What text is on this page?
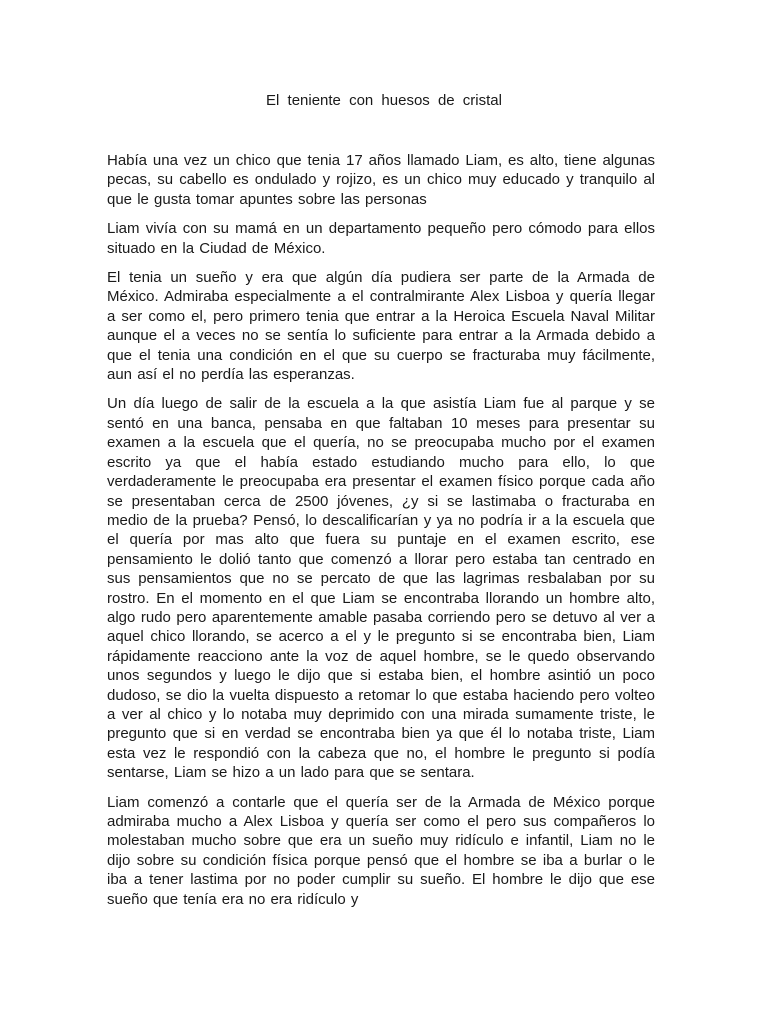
El teniente con huesos de cristal

Había una vez un chico que tenia 17 años llamado Liam, es alto, tiene algunas pecas, su cabello es ondulado y rojizo, es un chico muy educado y tranquilo al que le gusta tomar apuntes sobre las personas

Liam vivía con su mamá en un departamento pequeño pero cómodo para ellos situado en la Ciudad de México.

El tenia un sueño y era que algún día pudiera ser parte de la Armada de México. Admiraba especialmente a el contralmirante Alex Lisboa y quería llegar a ser como el, pero primero tenia que entrar a la Heroica Escuela Naval Militar aunque el a veces no se sentía lo suficiente para entrar a la Armada debido a que el tenia una condición en el que su cuerpo se fracturaba muy fácilmente, aun así el no perdía las esperanzas.

Un día luego de salir de la escuela a la que asistía Liam fue al parque y se sentó en una banca, pensaba en que faltaban 10 meses para presentar su examen a la escuela que el quería, no se preocupaba mucho por el examen escrito ya que el había estado estudiando mucho para ello, lo que verdaderamente le preocupaba era presentar el examen físico porque cada año se presentaban cerca de 2500 jóvenes, ¿y si se lastimaba o fracturaba en medio de la prueba? Pensó, lo descalificarían y ya no podría ir a la escuela que el quería por mas alto que fuera su puntaje en el examen escrito, ese pensamiento le dolió tanto que comenzó a llorar pero estaba tan centrado en sus pensamientos que no se percato de que las lagrimas resbalaban por su rostro. En el momento en el que Liam se encontraba llorando un hombre alto, algo rudo pero aparentemente amable pasaba corriendo pero se detuvo al ver a aquel chico llorando, se acerco a el y le pregunto si se encontraba bien, Liam rápidamente reacciono ante la voz de aquel hombre, se le quedo observando unos segundos y luego le dijo que si estaba bien, el hombre asintió un poco dudoso, se dio la vuelta dispuesto a retomar lo que estaba haciendo pero volteo a ver al chico y lo notaba muy deprimido con una mirada sumamente triste, le pregunto que si en verdad se encontraba bien ya que él lo notaba triste, Liam esta vez le respondió con la cabeza que no, el hombre le pregunto si podía sentarse, Liam se hizo a un lado para que se sentara.

Liam comenzó a contarle que el quería ser de la Armada de México porque admiraba mucho a Alex Lisboa y quería ser como el pero sus compañeros lo molestaban mucho sobre que era un sueño muy ridículo e infantil, Liam no le dijo sobre su condición física porque pensó que el hombre se iba a burlar o le iba a tener lastima por no poder cumplir su sueño. El hombre le dijo que ese sueño que tenía era no era ridículo y
